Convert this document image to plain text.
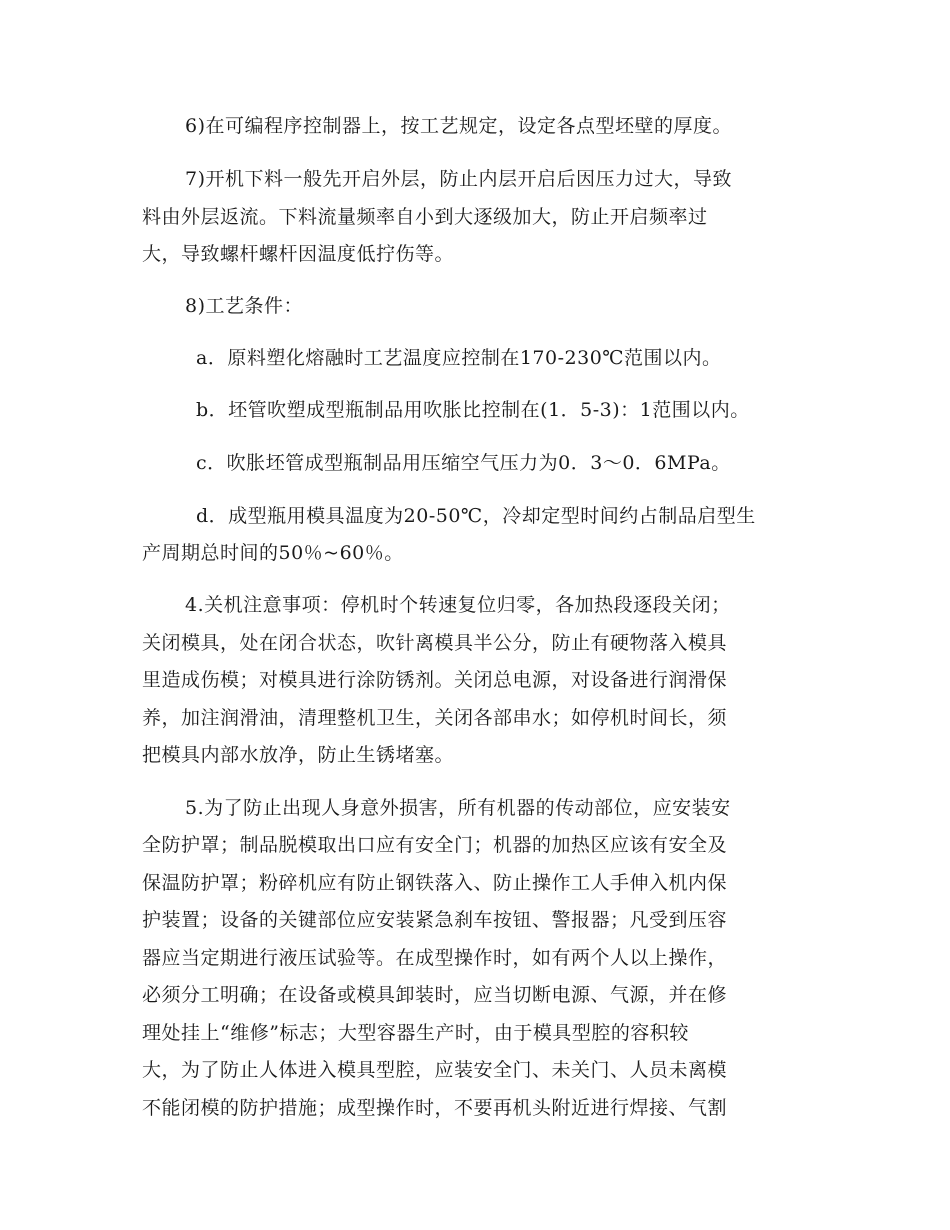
6)在可编程序控制器上，按工艺规定，设定各点型坯壁的厚度。
7)开机下料一般先开启外层，防止内层开启后因压力过大，导致
料由外层返流。下料流量频率自小到大逐级加大，防止开启频率过
大，导致螺杆螺杆因温度低拧伤等。
8)工艺条件：
a．原料塑化熔融时工艺温度应控制在170-230℃范围以内。
b．坯管吹塑成型瓶制品用吹胀比控制在(1．5-3)：1范围以内。
c．吹胀坯管成型瓶制品用压缩空气压力为0．3～0．6MPa。
d．成型瓶用模具温度为20-50℃，冷却定型时间约占制品启型生
产周期总时间的50％~60％。
4.关机注意事项：停机时个转速复位归零，各加热段逐段关闭；
关闭模具，处在闭合状态，吹针离模具半公分，防止有硬物落入模具
里造成伤模；对模具进行涂防锈剂。关闭总电源，对设备进行润滑保
养，加注润滑油，清理整机卫生，关闭各部串水；如停机时间长，须
把模具内部水放净，防止生锈堵塞。
5.为了防止出现人身意外损害，所有机器的传动部位，应安装安
全防护罩；制品脱模取出口应有安全门；机器的加热区应该有安全及
保温防护罩；粉碎机应有防止钢铁落入、防止操作工人手伸入机内保
护装置；设备的关键部位应安装紧急刹车按钮、警报器；凡受到压容
器应当定期进行液压试验等。在成型操作时，如有两个人以上操作，
必须分工明确；在设备或模具卸装时，应当切断电源、气源，并在修
理处挂上“维修”标志；大型容器生产时，由于模具型腔的容积较
大，为了防止人体进入模具型腔，应装安全门、未关门、人员未离模
不能闭模的防护措施；成型操作时，不要再机头附近进行焊接、气割
